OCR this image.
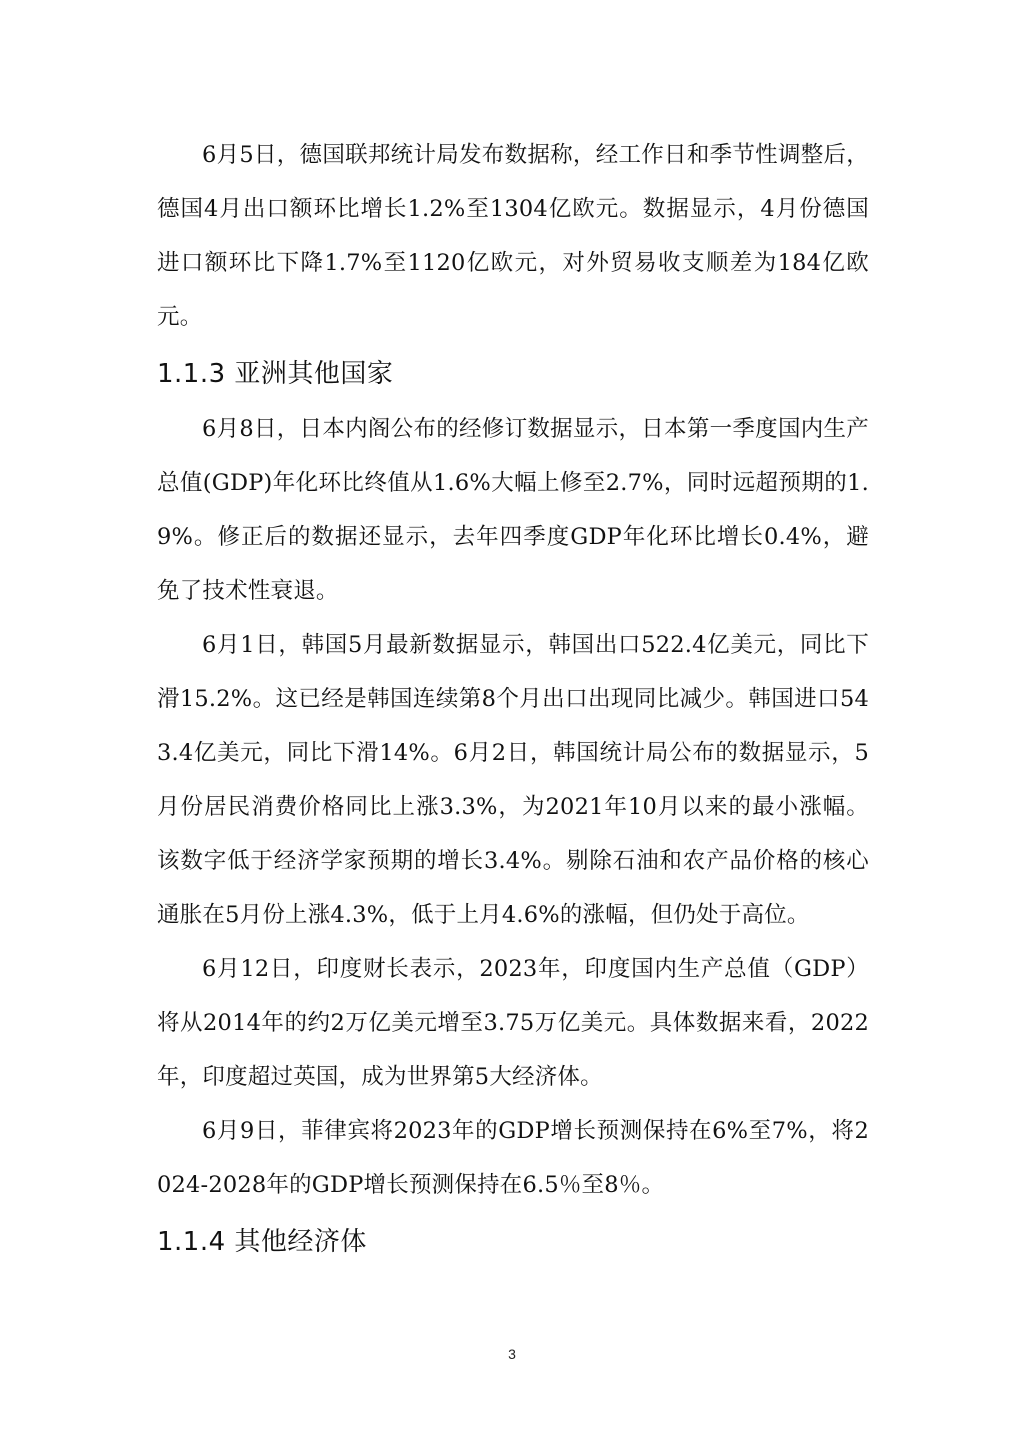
6月5日，德国联邦统计局发布数据称，经工作日和季节性调整后，德国4月出口额环比增长1.2%至1304亿欧元。数据显示，4月份德国进口额环比下降1.7%至1120亿欧元，对外贸易收支顺差为184亿欧元。

1.1.3 亚洲其他国家

6月8日，日本内阁公布的经修订数据显示，日本第一季度国内生产总值(GDP)年化环比终值从1.6%大幅上修至2.7%，同时远超预期的1.9%。修正后的数据还显示，去年四季度GDP年化环比增长0.4%，避免了技术性衰退。

6月1日，韩国5月最新数据显示，韩国出口522.4亿美元，同比下滑15.2%。这已经是韩国连续第8个月出口出现同比减少。韩国进口543.4亿美元，同比下滑14%。6月2日，韩国统计局公布的数据显示，5月份居民消费价格同比上涨3.3%，为2021年10月以来的最小涨幅。该数字低于经济学家预期的增长3.4%。剔除石油和农产品价格的核心通胀在5月份上涨4.3%，低于上月4.6%的涨幅，但仍处于高位。

6月12日，印度财长表示，2023年，印度国内生产总值（GDP）将从2014年的约2万亿美元增至3.75万亿美元。具体数据来看，2022年，印度超过英国，成为世界第5大经济体。

6月9日，菲律宾将2023年的GDP增长预测保持在6%至7%，将2024-2028年的GDP增长预测保持在6.5％至8％。

1.1.4 其他经济体
3
